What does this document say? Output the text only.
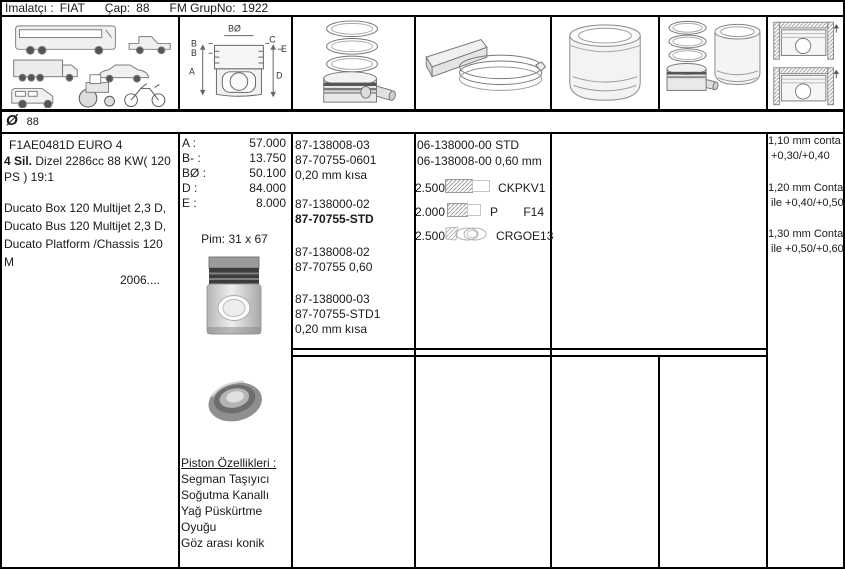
İmalatçı : FIAT Çap: 88 FM GrupNo: 1922
BØ
B
B
C
E
A	D
Ø 88
F1AE0481D EURO 4
4 Sil. Dizel 2286cc 88 KW( 120
PS ) 19:1
Ducato Box 120 Multijet 2,3 D,
Ducato Bus 120 Multijet 2,3 D,
Ducato Platform /Chassis 120 M
2006....
A :	57.000
B- :	13.750
BØ :	50.100
D :	84.000
E :	8.000
Pim: 31 x 67
Piston Özellikleri :
Segman Taşıyıcı
Soğutma Kanallı
Yağ Püskürtme
Oyuğu
Göz arası konik
87-138008-03
87-70755-0601
0,20 mm kısa
87-138000-02
87-70755-STD
87-138008-02
87-70755 0,60
87-138000-03
87-70755-STD1
0,20 mm kısa
06-138000-00 STD
06-138008-00 0,60 mm
2.500	CKP KV1
2.000	P F14
2.500	CR GOE13
1,10 mm conta
+0,30/+0,40
1,20 mm Conta
ile +0,40/+0,50
1,30 mm Conta
ile +0,50/+0,60
